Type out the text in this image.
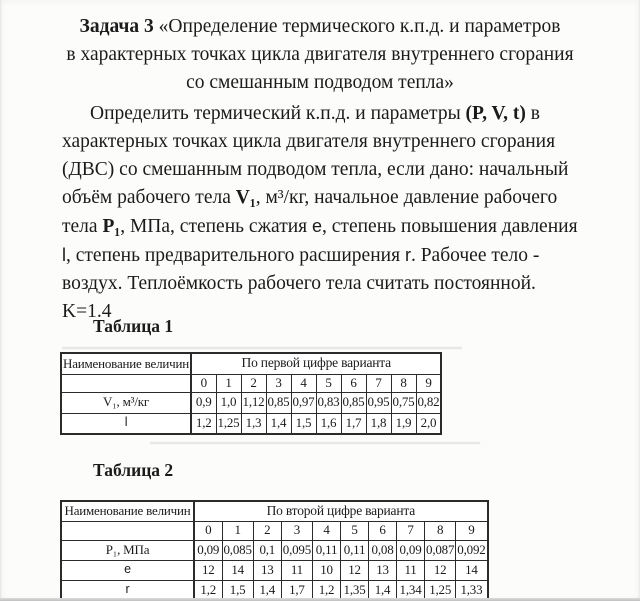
Задача 3 «Определение термического к.п.д. и параметров
в характерных точках цикла двигателя внутреннего сгорания
со смешанным подводом тепла»
Определить термический к.п.д. и параметры (P, V, t) в
характерных точках цикла двигателя внутреннего сгорания
(ДВС) со смешанным подводом тепла, если дано: начальный
объём рабочего тела V₁, м³/кг, начальное давление рабочего
тела P₁, МПа, степень сжатия е, степень повышения давления
l, степень предварительного расширения r. Рабочее тело -
воздух. Теплоёмкость рабочего тела считать постоянной.
K=1.4
Таблица 1
Наименование величин	По первой цифре варианта									
	0	1	2	3	4	5	6	7	8	9
V₁, м³/кг	0,9	1,0	1,12	0,85	0,97	0,83	0,85	0,95	0,75	0,82
l	1,2	1,25	1,3	1,4	1,5	1,6	1,7	1,8	1,9	2,0
Таблица 2
Наименование величин	По второй цифре варианта									
	0	1	2	3	4	5	6	7	8	9
P₁, МПа	0,09	0,085	0,1	0,095	0,11	0,11	0,08	0,09	0,087	0,092
е	12	14	13	11	10	12	13	11	12	14
r	1,2	1,5	1,4	1,7	1,2	1,35	1,4	1,34	1,25	1,33
